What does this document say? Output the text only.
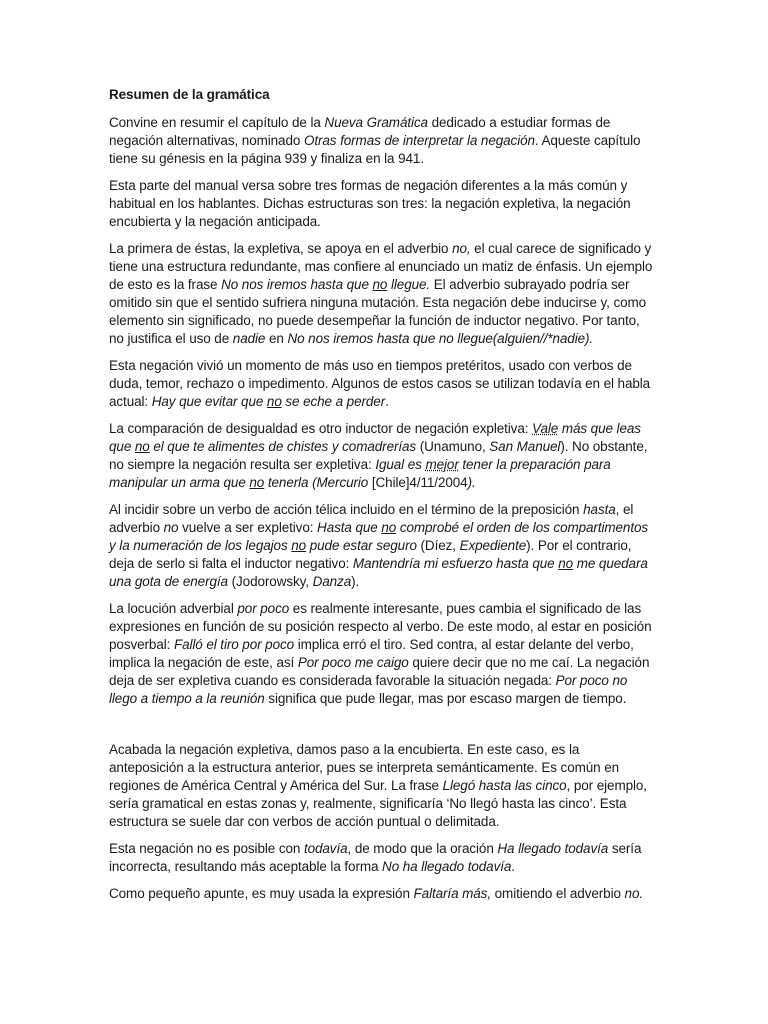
Resumen de la gramática

Convine en resumir el capítulo de la Nueva Gramática dedicado a estudiar formas de negación alternativas, nominado Otras formas de interpretar la negación. Aqueste capítulo tiene su génesis en la página 939 y finaliza en la 941.

Esta parte del manual versa sobre tres formas de negación diferentes a la más común y habitual en los hablantes. Dichas estructuras son tres: la negación expletiva, la negación encubierta y la negación anticipada.

La primera de éstas, la expletiva, se apoya en el adverbio no, el cual carece de significado y tiene una estructura redundante, mas confiere al enunciado un matiz de énfasis. Un ejemplo de esto es la frase No nos iremos hasta que no llegue. El adverbio subrayado podría ser omitido sin que el sentido sufriera ninguna mutación. Esta negación debe inducirse y, como elemento sin significado, no puede desempeñar la función de inductor negativo. Por tanto, no justifica el uso de nadie en No nos iremos hasta que no llegue(alguien//*nadie).

Esta negación vivió un momento de más uso en tiempos pretéritos, usado con verbos de duda, temor, rechazo o impedimento. Algunos de estos casos se utilizan todavía en el habla actual: Hay que evitar que no se eche a perder.

La comparación de desigualdad es otro inductor de negación expletiva: Vale más que leas que no el que te alimentes de chistes y comadrerías (Unamuno, San Manuel). No obstante, no siempre la negación resulta ser expletiva: Igual es mejor tener la preparación para manipular un arma que no tenerla (Mercurio [Chile]4/11/2004).

Al incidir sobre un verbo de acción télica incluido en el término de la preposición hasta, el adverbio no vuelve a ser expletivo: Hasta que no comprobé el orden de los compartimentos y la numeración de los legajos no pude estar seguro (Díez, Expediente). Por el contrario, deja de serlo si falta el inductor negativo: Mantendría mi esfuerzo hasta que no me quedara una gota de energía (Jodorowsky, Danza).

La locución adverbial por poco es realmente interesante, pues cambia el significado de las expresiones en función de su posición respecto al verbo. De este modo, al estar en posición posverbal: Falló el tiro por poco implica erró el tiro. Sed contra, al estar delante del verbo, implica la negación de este, así Por poco me caigo quiere decir que no me caí. La negación deja de ser expletiva cuando es considerada favorable la situación negada: Por poco no llego a tiempo a la reunión significa que pude llegar, mas por escaso margen de tiempo.

Acabada la negación expletiva, damos paso a la encubierta. En este caso, es la anteposición a la estructura anterior, pues se interpreta semánticamente. Es común en regiones de América Central y América del Sur. La frase Llegó hasta las cinco, por ejemplo, sería gramatical en estas zonas y, realmente, significaría ‘No llegó hasta las cinco’. Esta estructura se suele dar con verbos de acción puntual o delimitada.

Esta negación no es posible con todavía, de modo que la oración Ha llegado todavía sería incorrecta, resultando más aceptable la forma No ha llegado todavía.

Como pequeño apunte, es muy usada la expresión Faltaría más, omitiendo el adverbio no.
